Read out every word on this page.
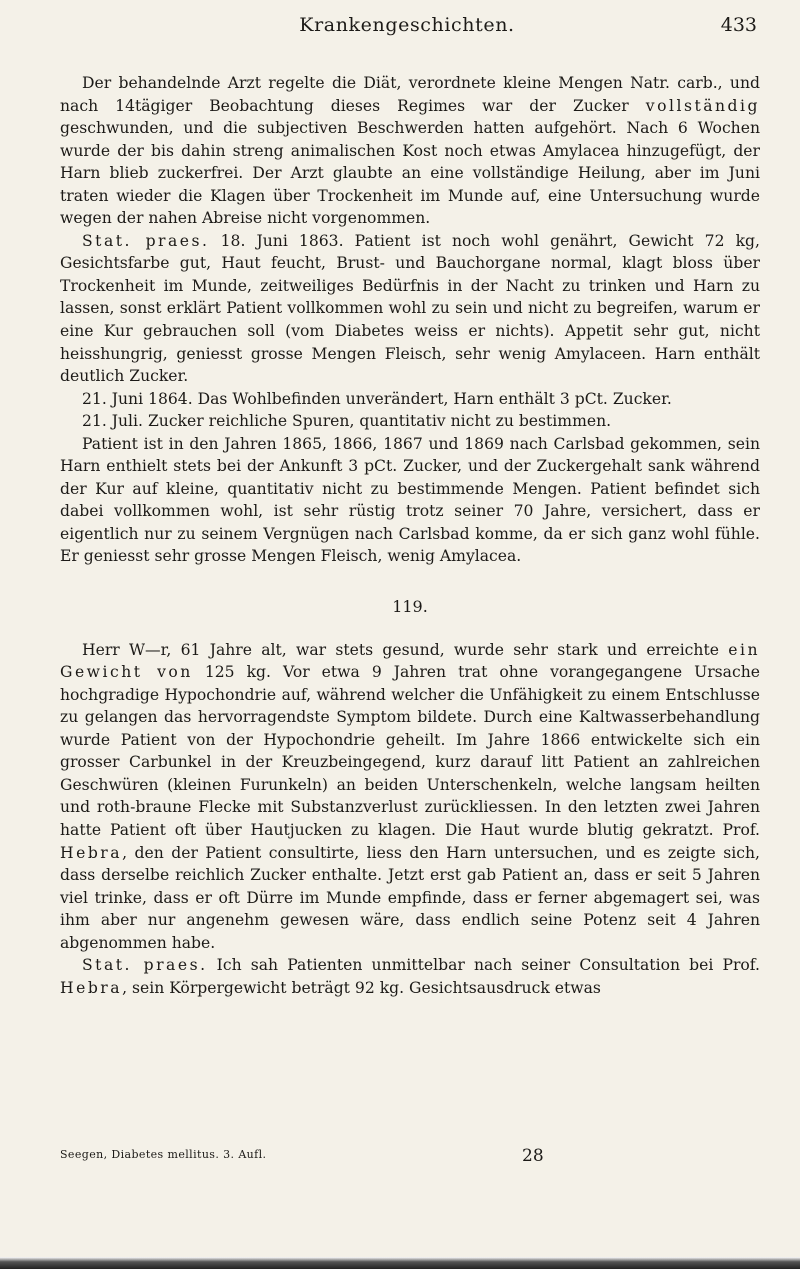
Krankengeschichten.	433

Der behandelnde Arzt regelte die Diät, verordnete kleine Mengen Natr. carb., und nach 14tägiger Beobachtung dieses Regimes war der Zucker vollständig geschwunden, und die subjectiven Beschwerden hatten aufgehört. Nach 6 Wochen wurde der bis dahin streng animalischen Kost noch etwas Amylacea hinzugefügt, der Harn blieb zuckerfrei. Der Arzt glaubte an eine vollständige Heilung, aber im Juni traten wieder die Klagen über Trockenheit im Munde auf, eine Untersuchung wurde wegen der nahen Abreise nicht vorgenommen.

Stat. praes. 18. Juni 1863. Patient ist noch wohl genährt, Gewicht 72 kg, Gesichtsfarbe gut, Haut feucht, Brust- und Bauchorgane normal, klagt bloss über Trockenheit im Munde, zeitweiliges Bedürfnis in der Nacht zu trinken und Harn zu lassen, sonst erklärt Patient vollkommen wohl zu sein und nicht zu begreifen, warum er eine Kur gebrauchen soll (vom Diabetes weiss er nichts). Appetit sehr gut, nicht heisshungrig, geniesst grosse Mengen Fleisch, sehr wenig Amylaceen. Harn enthält deutlich Zucker.

21. Juni 1864. Das Wohlbefinden unverändert, Harn enthält 3 pCt. Zucker.

21. Juli. Zucker reichliche Spuren, quantitativ nicht zu bestimmen.

Patient ist in den Jahren 1865, 1866, 1867 und 1869 nach Carlsbad gekommen, sein Harn enthielt stets bei der Ankunft 3 pCt. Zucker, und der Zuckergehalt sank während der Kur auf kleine, quantitativ nicht zu bestimmende Mengen. Patient befindet sich dabei vollkommen wohl, ist sehr rüstig trotz seiner 70 Jahre, versichert, dass er eigentlich nur zu seinem Vergnügen nach Carlsbad komme, da er sich ganz wohl fühle. Er geniesst sehr grosse Mengen Fleisch, wenig Amylacea.

119.

Herr W—r, 61 Jahre alt, war stets gesund, wurde sehr stark und erreichte ein Gewicht von 125 kg. Vor etwa 9 Jahren trat ohne vorangegangene Ursache hochgradige Hypochondrie auf, während welcher die Unfähigkeit zu einem Entschlusse zu gelangen das hervorragendste Symptom bildete. Durch eine Kaltwasserbehandlung wurde Patient von der Hypochondrie geheilt. Im Jahre 1866 entwickelte sich ein grosser Carbunkel in der Kreuzbeingegend, kurz darauf litt Patient an zahlreichen Geschwüren (kleinen Furunkeln) an beiden Unterschenkeln, welche langsam heilten und roth-braune Flecke mit Substanzverlust zurückliessen. In den letzten zwei Jahren hatte Patient oft über Hautjucken zu klagen. Die Haut wurde blutig gekratzt. Prof. Hebra, den der Patient consultirte, liess den Harn untersuchen, und es zeigte sich, dass derselbe reichlich Zucker enthalte. Jetzt erst gab Patient an, dass er seit 5 Jahren viel trinke, dass er oft Dürre im Munde empfinde, dass er ferner abgemagert sei, was ihm aber nur angenehm gewesen wäre, dass endlich seine Potenz seit 4 Jahren abgenommen habe.

Stat. praes. Ich sah Patienten unmittelbar nach seiner Consultation bei Prof. Hebra, sein Körpergewicht beträgt 92 kg. Gesichtsausdruck etwas

Seegen, Diabetes mellitus. 3. Aufl.	28
